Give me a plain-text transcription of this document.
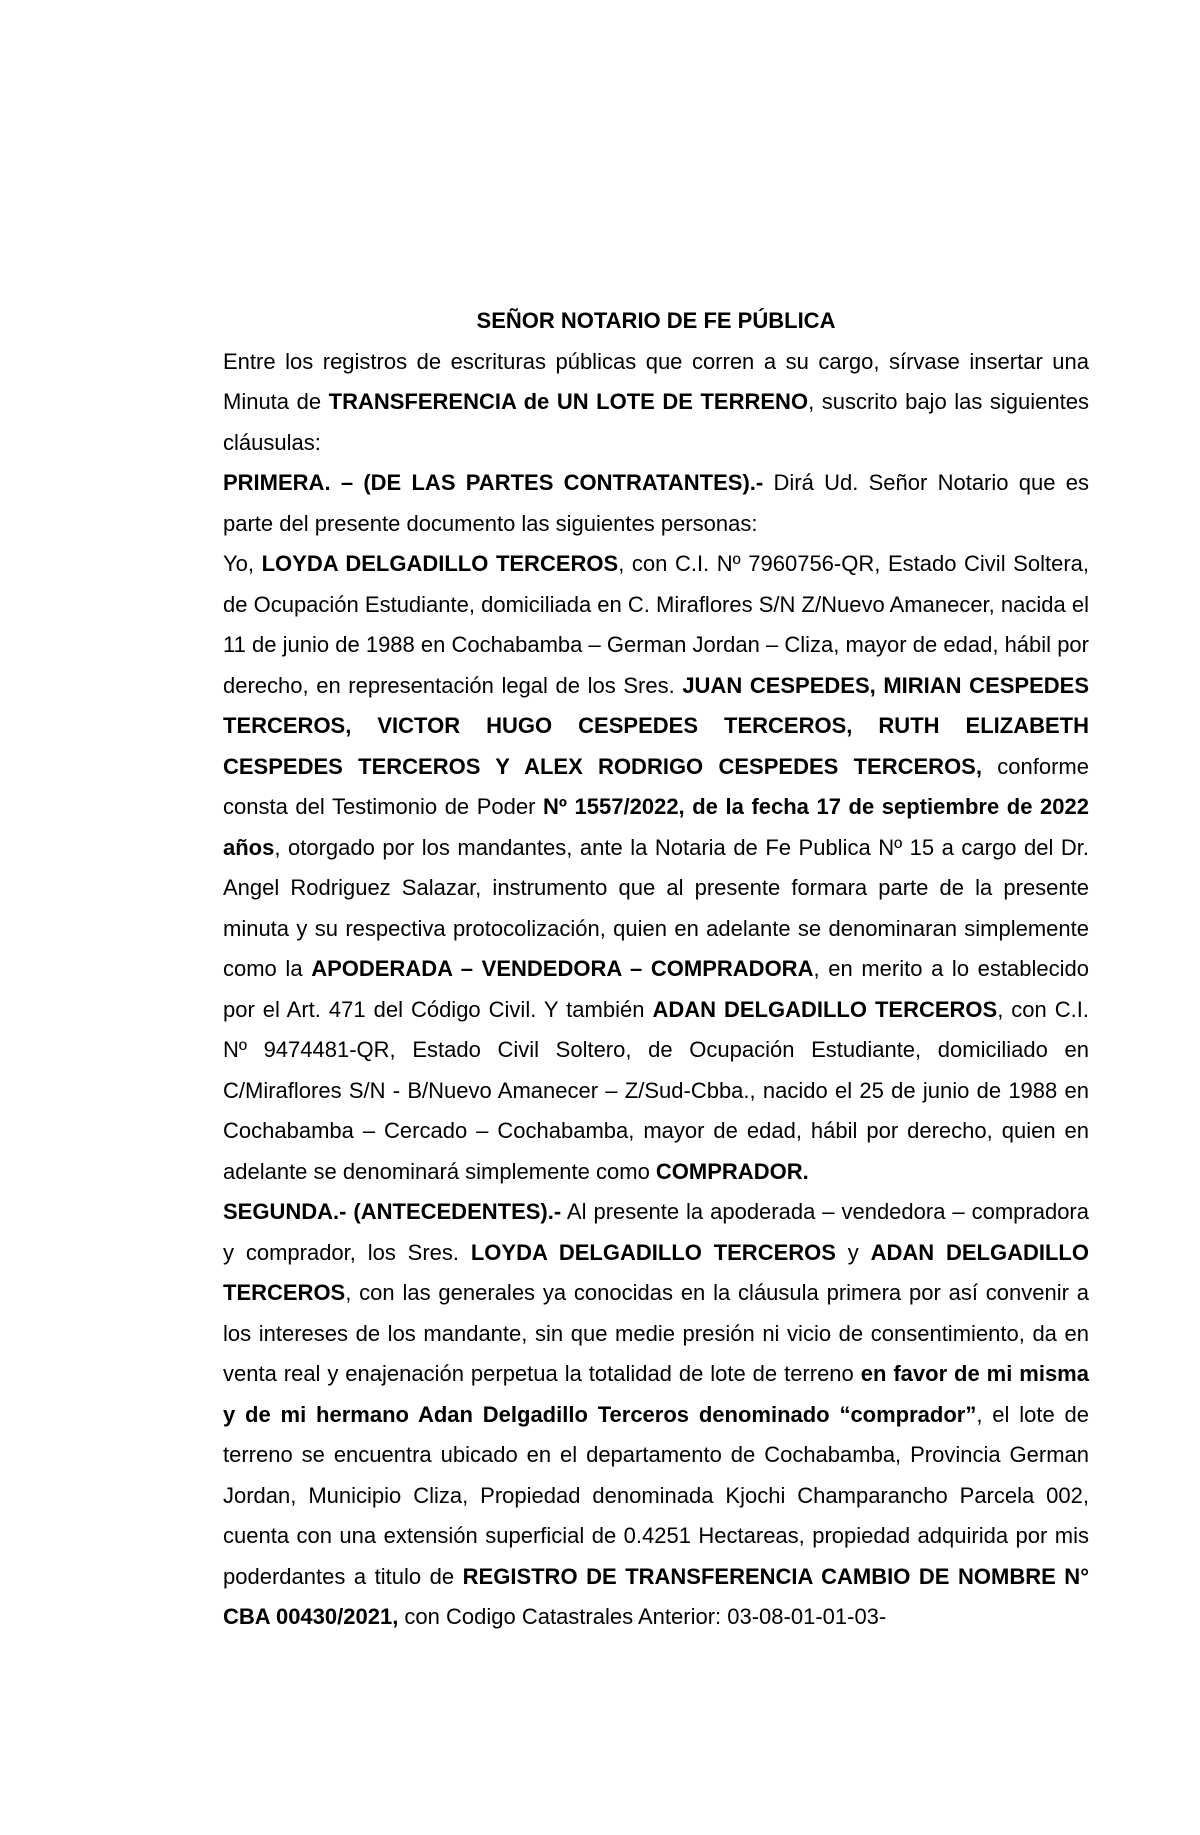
SEÑOR NOTARIO DE FE PÚBLICA

Entre los registros de escrituras públicas que corren a su cargo, sírvase insertar una Minuta de TRANSFERENCIA de UN LOTE DE TERRENO, suscrito bajo las siguientes cláusulas:

PRIMERA. – (DE LAS PARTES CONTRATANTES).- Dirá Ud. Señor Notario que es parte del presente documento las siguientes personas:

Yo, LOYDA DELGADILLO TERCEROS, con C.I. Nº 7960756-QR, Estado Civil Soltera, de Ocupación Estudiante, domiciliada en C. Miraflores S/N Z/Nuevo Amanecer, nacida el 11 de junio de 1988 en Cochabamba – German Jordan – Cliza, mayor de edad, hábil por derecho, en representación legal de los Sres. JUAN CESPEDES, MIRIAN CESPEDES TERCEROS, VICTOR HUGO CESPEDES TERCEROS, RUTH ELIZABETH CESPEDES TERCEROS Y ALEX RODRIGO CESPEDES TERCEROS, conforme consta del Testimonio de Poder Nº 1557/2022, de la fecha 17 de septiembre de 2022 años, otorgado por los mandantes, ante la Notaria de Fe Publica Nº 15 a cargo del Dr. Angel Rodriguez Salazar, instrumento que al presente formara parte de la presente minuta y su respectiva protocolización, quien en adelante se denominaran simplemente como la APODERADA – VENDEDORA – COMPRADORA, en merito a lo establecido por el Art. 471 del Código Civil. Y también ADAN DELGADILLO TERCEROS, con C.I. Nº 9474481-QR, Estado Civil Soltero, de Ocupación Estudiante, domiciliado en C/Miraflores S/N - B/Nuevo Amanecer – Z/Sud-Cbba., nacido el 25 de junio de 1988 en Cochabamba – Cercado – Cochabamba, mayor de edad, hábil por derecho, quien en adelante se denominará simplemente como COMPRADOR.

SEGUNDA.- (ANTECEDENTES).- Al presente la apoderada – vendedora – compradora y comprador, los Sres. LOYDA DELGADILLO TERCEROS y ADAN DELGADILLO TERCEROS, con las generales ya conocidas en la cláusula primera por así convenir a los intereses de los mandante, sin que medie presión ni vicio de consentimiento, da en venta real y enajenación perpetua la totalidad de lote de terreno en favor de mi misma y de mi hermano Adan Delgadillo Terceros denominado “comprador”, el lote de terreno se encuentra ubicado en el departamento de Cochabamba, Provincia German Jordan, Municipio Cliza, Propiedad denominada Kjochi Champarancho Parcela 002, cuenta con una extensión superficial de 0.4251 Hectareas, propiedad adquirida por mis poderdantes a titulo de REGISTRO DE TRANSFERENCIA CAMBIO DE NOMBRE N° CBA 00430/2021, con Codigo Catastrales Anterior: 03-08-01-01-03-
